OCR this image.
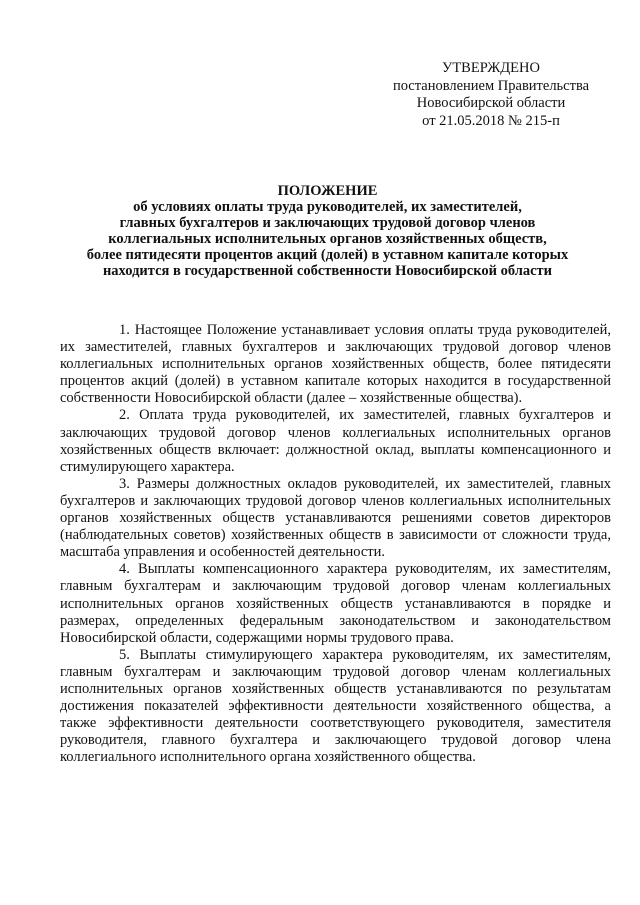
УТВЕРЖДЕНО
постановлением Правительства
Новосибирской области
от 21.05.2018 № 215-п
ПОЛОЖЕНИЕ
об условиях оплаты труда руководителей, их заместителей,
главных бухгалтеров и заключающих трудовой договор членов
коллегиальных исполнительных органов хозяйственных обществ,
более пятидесяти процентов акций (долей) в уставном капитале которых
находится в государственной собственности Новосибирской области

1. Настоящее Положение устанавливает условия оплаты труда руководителей, их заместителей, главных бухгалтеров и заключающих трудовой договор членов коллегиальных исполнительных органов хозяйственных обществ, более пятидесяти процентов акций (долей) в уставном капитале которых находится в государственной собственности Новосибирской области (далее – хозяйственные общества).

2. Оплата труда руководителей, их заместителей, главных бухгалтеров и заключающих трудовой договор членов коллегиальных исполнительных органов хозяйственных обществ включает: должностной оклад, выплаты компенсационного и стимулирующего характера.

3. Размеры должностных окладов руководителей, их заместителей, главных бухгалтеров и заключающих трудовой договор членов коллегиальных исполнительных органов хозяйственных обществ устанавливаются решениями советов директоров (наблюдательных советов) хозяйственных обществ в зависимости от сложности труда, масштаба управления и особенностей деятельности.

4. Выплаты компенсационного характера руководителям, их заместителям, главным бухгалтерам и заключающим трудовой договор членам коллегиальных исполнительных органов хозяйственных обществ устанавливаются в порядке и размерах, определенных федеральным законодательством и законодательством Новосибирской области, содержащими нормы трудового права.

5. Выплаты стимулирующего характера руководителям, их заместителям, главным бухгалтерам и заключающим трудовой договор членам коллегиальных исполнительных органов хозяйственных обществ устанавливаются по результатам достижения показателей эффективности деятельности хозяйственного общества, а также эффективности деятельности соответствующего руководителя, заместителя руководителя, главного бухгалтера и заключающего трудовой договор члена коллегиального исполнительного органа хозяйственного общества.
